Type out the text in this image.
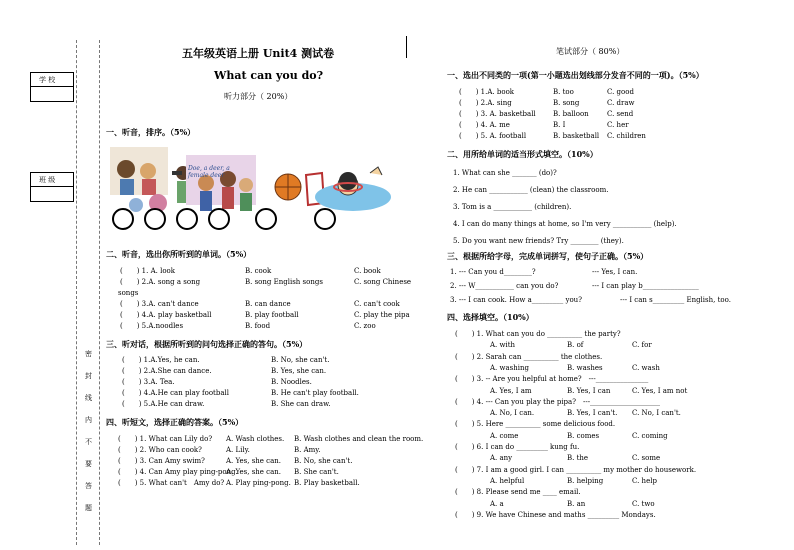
学 校
班 级
密
封
线
内
不
要
答
题
五年级英语上册 Unit4 测试卷
What can you do?
听力部分（ 20%）
一、听音，排序。（5%）
Doe, a deer, a female deer
二、听音，选出你所听到的单词。（5%）
(　　) 1. A. look	B. cook	C. book
(　　) 2.A. song a song	B. song English songs	C. song Chinese
songs
(　　) 3.A. can't dance	B. can dance	C. can't cook
(　　) 4.A. play basketball	B. play football	C. play the pipa
(　　) 5.A.noodles	B. food	C. zoo
三、听对话，根据所听到的问句选择正确的答句。（5%）
(　　) 1.A.Yes, he can.	B. No, she can't.
(　　) 2.A.She can dance.	B. Yes, she can.
(　　) 3.A. Tea.	B. Noodles.
(　　) 4.A.He can play football	B. He can't play football.
(　　) 5.A.He can draw.	B. She can draw.
四、听短文，选择正确的答案。（5%）
(　　) 1. What can Lily do? A. Wash clothes. B. Wash clothes and clean the room.
(　　) 2. Who can cook?	A. Lily.	B. Amy.
(　　) 3. Can Amy swim?	A. Yes, she can. B. No, she can't.
(　　) 4. Can Amy play ping-pong.
A. Yes, she can. B. She can't.
(　　) 5. What can't　Amy do? A. Play ping-pong. B. Play basketball.
笔试部分（ 80%）
一、选出不同类的一项(第一小题选出划线部分发音不同的一项)。（5%）
(　　) 1.A. book	B. too	C. good
(　　) 2.A. sing	B. song	C. draw
(　　) 3. A. basketball B. balloon	C. send
(　　) 4. A. me	B. I	C. her
(　　) 5. A. football	B. basketball C. children
二、用所给单词的适当形式填空。（10%）
1. What can she _______ (do)?
2. He can ___________ (clean) the classroom.
3. Tom is a ___________ (children).
4. I can do many things at home, so I'm very ___________ (help).
5. Do you want new friends? Try ________ (they).
三、根据所给字母，完成单词拼写，使句子正确。（5%）
1. --- Can you d________?	--- Yes, I can.
2. --- W___________ can you do?	--- I can play b________________
3. --- I can cook. How a_________ you?	--- I can s_________ English, too.
四、选择填空。（10%）
(　　) 1. What can you do __________ the party?
A. with	B. of	C. for
(　　) 2. Sarah can __________ the clothes.
A. washing	B. washes	C. wash
(　　) 3. -- Are you helpful at home?　---_______________
A. Yes, I am	B. Yes, I can	C. Yes, I am not
(　　) 4. --- Can you play the pipa?　---____________________
A. No, I can.	B. Yes, I can't. C. No, I can't.
(　　) 5. Here __________ some delicious food.
A. come	B. comes	C. coming
(　　) 6. I can do _________ kung fu.
A. any	B. the	C. some
(　　) 7. I am a good girl. I can __________ my mother do housework.
A. helpful	B. helping	C. help
(　　) 8. Please send me ____ email.
A. a	B. an	C. two
(　　) 9. We have Chinese and maths _________ Mondays.
